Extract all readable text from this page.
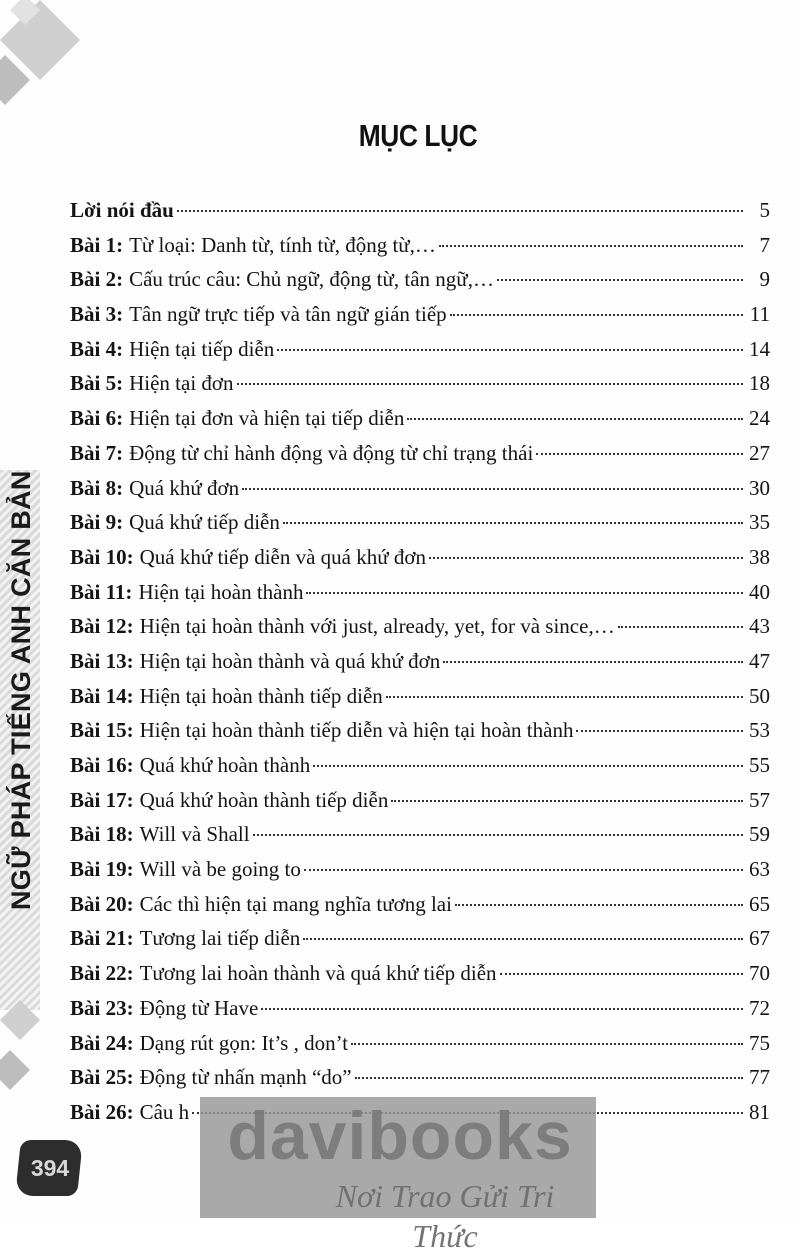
NGỮ PHÁP TIẾNG ANH CĂN BẢN
394
MỤC LỤC
Lời nói đầu	5
Bài 1: Từ loại: Danh từ, tính từ, động từ,…	7
Bài 2: Cấu trúc câu: Chủ ngữ, động từ, tân ngữ,…	9
Bài 3: Tân ngữ trực tiếp và tân ngữ gián tiếp	11
Bài 4: Hiện tại tiếp diễn	14
Bài 5: Hiện tại đơn	18
Bài 6: Hiện tại đơn và hiện tại tiếp diễn	24
Bài 7: Động từ chỉ hành động và động từ chỉ trạng thái	27
Bài 8: Quá khứ đơn	30
Bài 9: Quá khứ tiếp diễn	35
Bài 10: Quá khứ tiếp diễn và quá khứ đơn	38
Bài 11: Hiện tại hoàn thành	40
Bài 12: Hiện tại hoàn thành với just, already, yet, for và since,…	43
Bài 13: Hiện tại hoàn thành và quá khứ đơn	47
Bài 14: Hiện tại hoàn thành tiếp diễn	50
Bài 15: Hiện tại hoàn thành tiếp diễn và hiện tại hoàn thành	53
Bài 16: Quá khứ hoàn thành	55
Bài 17: Quá khứ hoàn thành tiếp diễn	57
Bài 18: Will và Shall	59
Bài 19: Will và be going to	63
Bài 20: Các thì hiện tại mang nghĩa tương lai	65
Bài 21: Tương lai tiếp diễn	67
Bài 22: Tương lai hoàn thành và quá khứ tiếp diễn	70
Bài 23: Động từ Have	72
Bài 24: Dạng rút gọn: It’s , don’t	75
Bài 25: Động từ nhấn mạnh “do”	77
Bài 26: Câu h	81
davibooks
Nơi Trao Gửi Tri Thức
